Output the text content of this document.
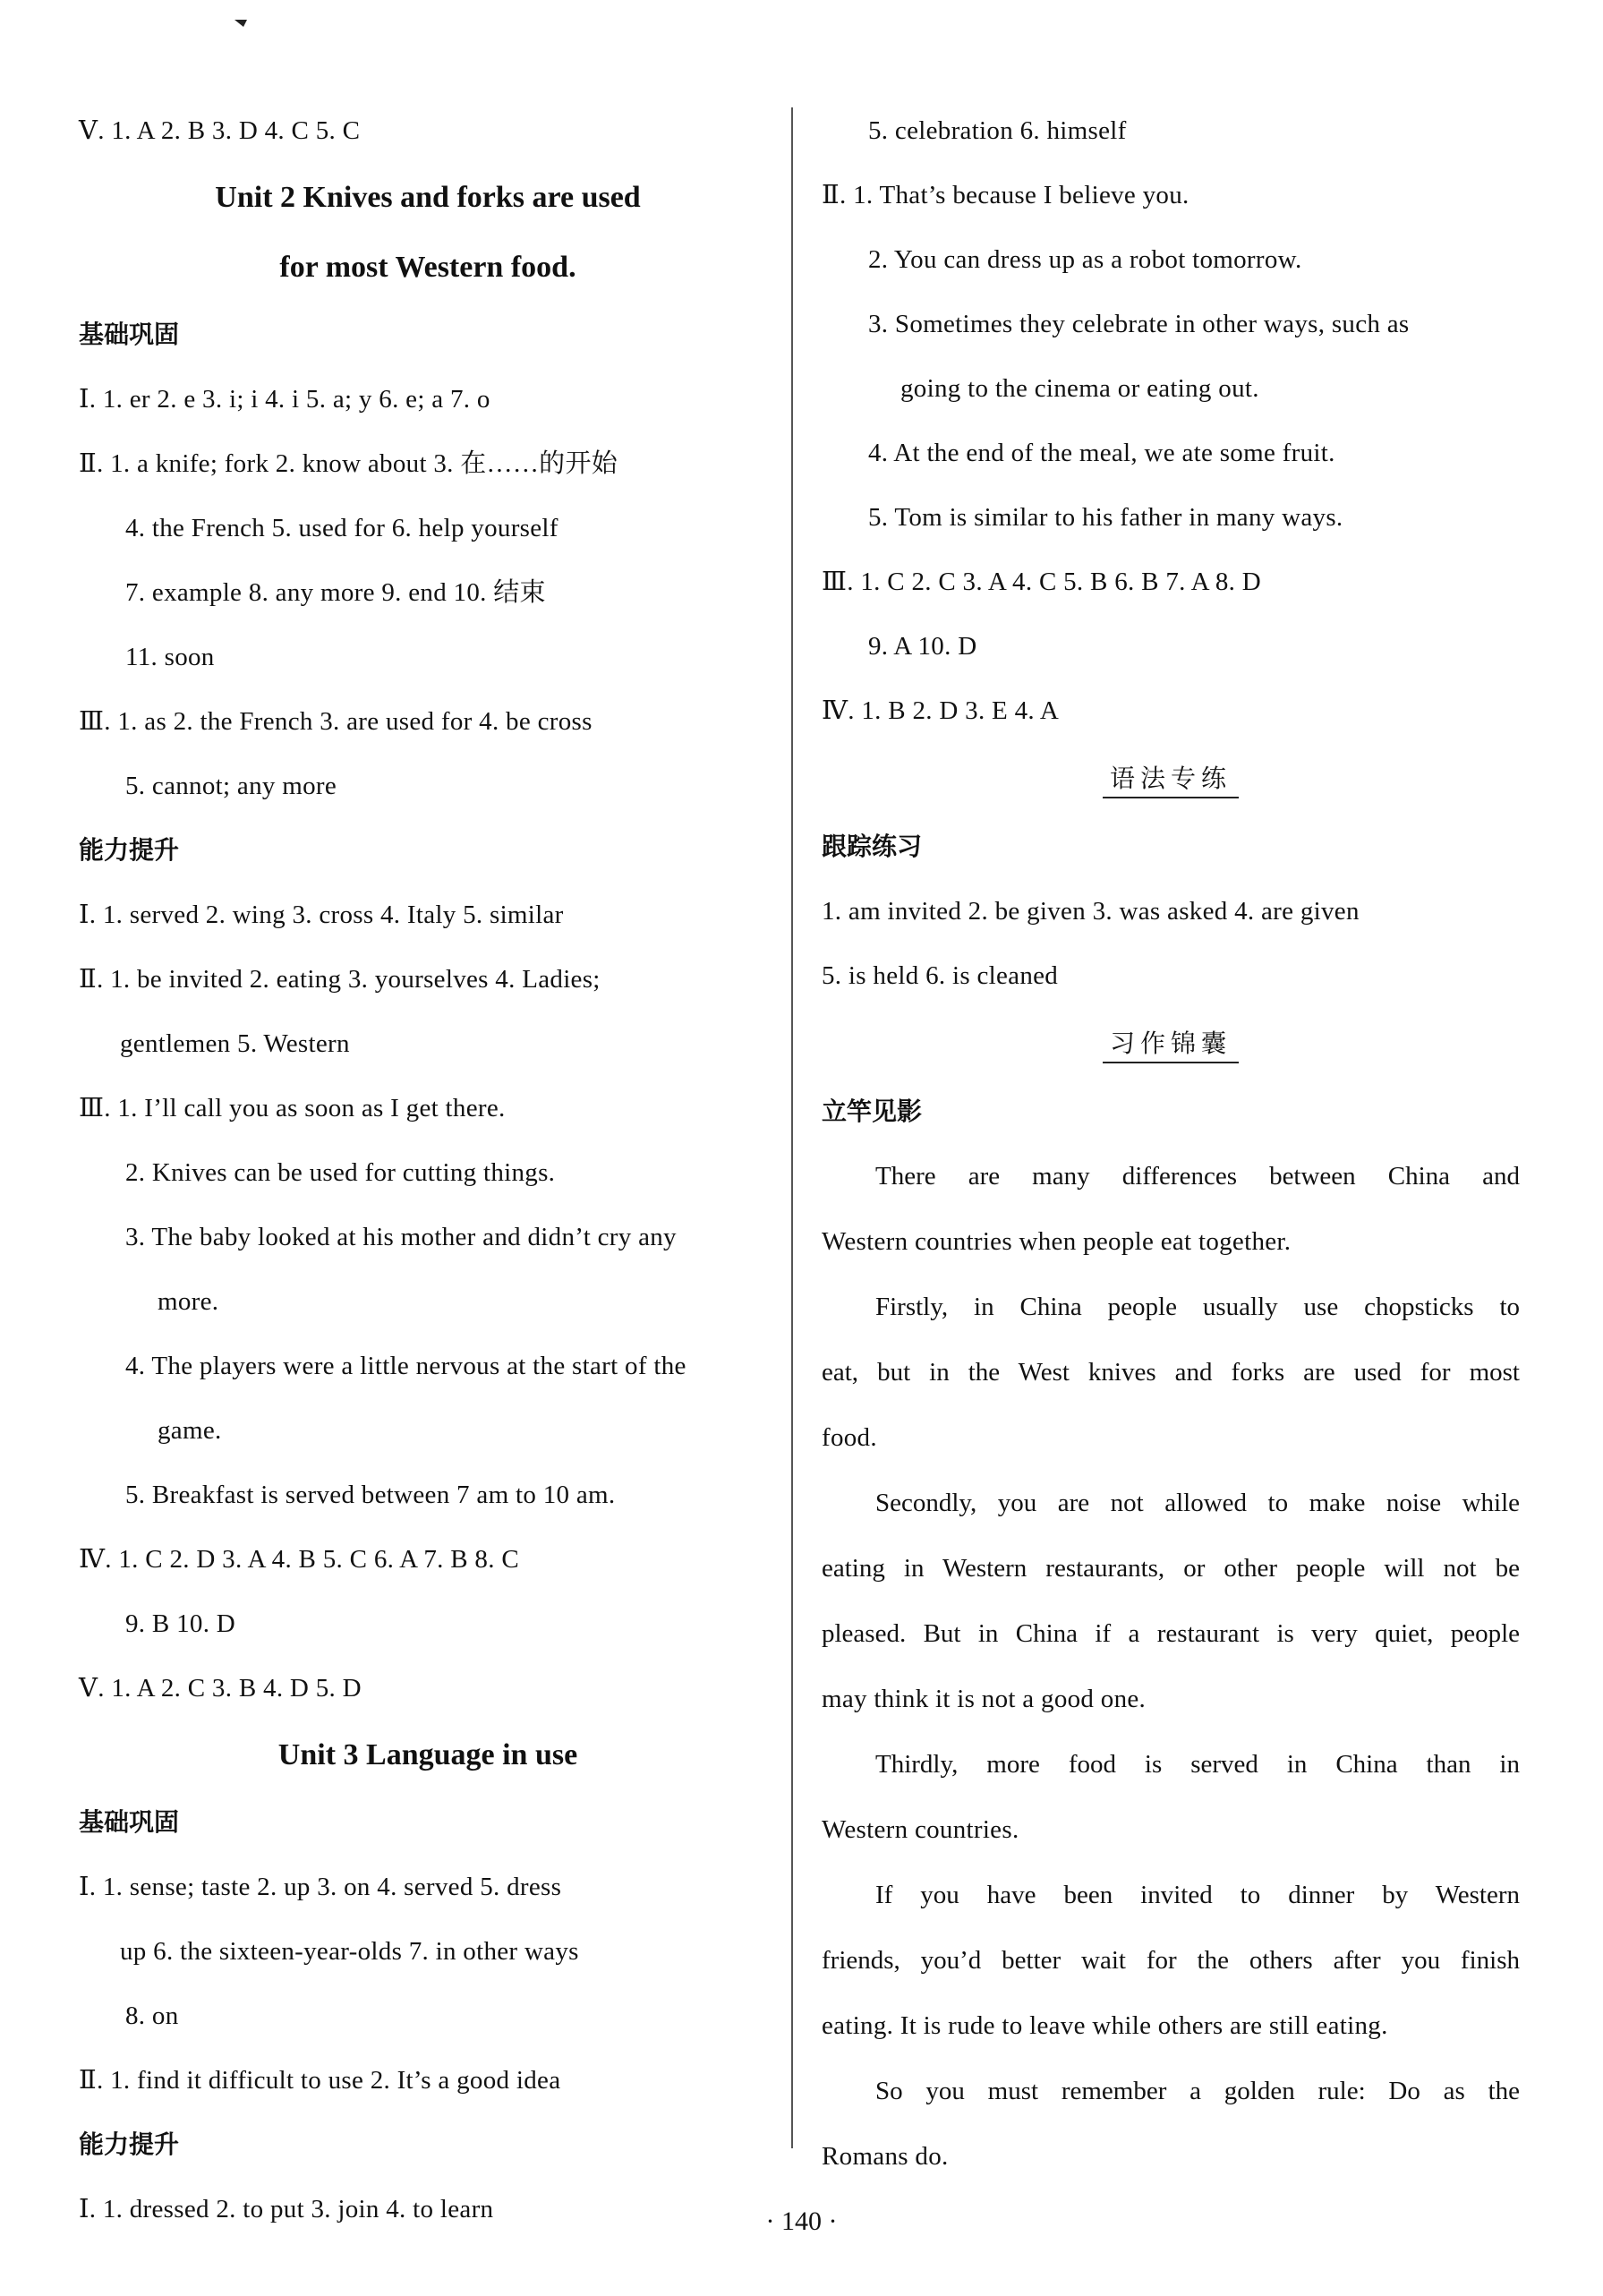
Ⅴ. 1. A 2. B 3. D 4. C 5. C
Unit 2 Knives and forks are used
for most Western food.
基础巩固
Ⅰ. 1. er 2. e 3. i; i 4. i 5. a; y 6. e; a 7. o
Ⅱ. 1. a knife; fork 2. know about 3. 在……的开始
4. the French 5. used for 6. help yourself
7. example 8. any more 9. end 10. 结束
11. soon
Ⅲ. 1. as 2. the French 3. are used for 4. be cross
5. cannot; any more
能力提升
Ⅰ. 1. served 2. wing 3. cross 4. Italy 5. similar
Ⅱ. 1. be invited 2. eating 3. yourselves 4. Ladies;
gentlemen 5. Western
Ⅲ. 1. I’ll call you as soon as I get there.
2. Knives can be used for cutting things.
3. The baby looked at his mother and didn’t cry any
more.
4. The players were a little nervous at the start of the
game.
5. Breakfast is served between 7 am to 10 am.
Ⅳ. 1. C 2. D 3. A 4. B 5. C 6. A 7. B 8. C
9. B 10. D
Ⅴ. 1. A 2. C 3. B 4. D 5. D
Unit 3 Language in use
基础巩固
Ⅰ. 1. sense; taste 2. up 3. on 4. served 5. dress
up 6. the sixteen-year-olds 7. in other ways
8. on
Ⅱ. 1. find it difficult to use 2. It’s a good idea
能力提升
Ⅰ. 1. dressed 2. to put 3. join 4. to learn
5. celebration 6. himself
Ⅱ. 1. That’s because I believe you.
2. You can dress up as a robot tomorrow.
3. Sometimes they celebrate in other ways, such as
going to the cinema or eating out.
4. At the end of the meal, we ate some fruit.
5. Tom is similar to his father in many ways.
Ⅲ. 1. C 2. C 3. A 4. C 5. B 6. B 7. A 8. D
9. A 10. D
Ⅳ. 1. B 2. D 3. E 4. A
语法专练
跟踪练习
1. am invited 2. be given 3. was asked 4. are given
5. is held 6. is cleaned
习作锦囊
立竿见影
There are many differences between China and
Western countries when people eat together.
Firstly, in China people usually use chopsticks to
eat, but in the West knives and forks are used for most
food.
Secondly, you are not allowed to make noise while
eating in Western restaurants, or other people will not be
pleased. But in China if a restaurant is very quiet, people
may think it is not a good one.
Thirdly, more food is served in China than in
Western countries.
If you have been invited to dinner by Western
friends, you’d better wait for the others after you finish
eating. It is rude to leave while others are still eating.
So you must remember a golden rule: Do as the
Romans do.
· 140 ·
